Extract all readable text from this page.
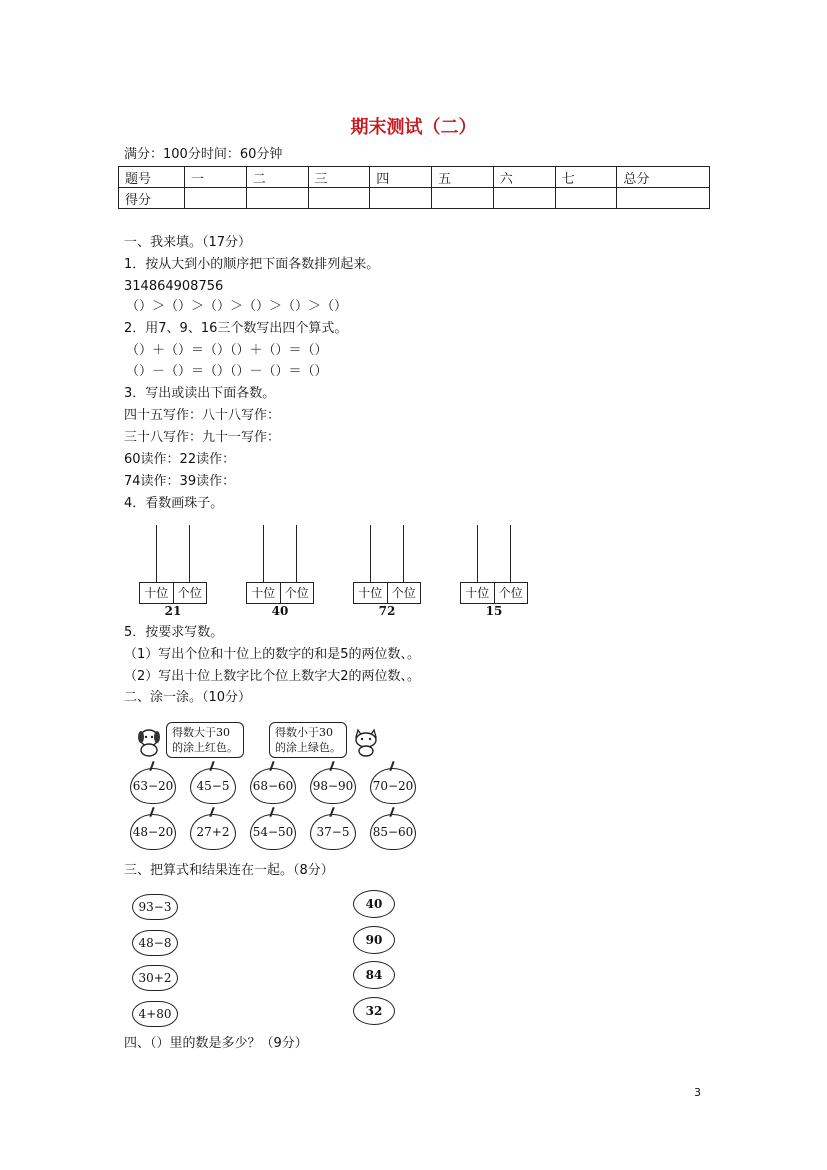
期末测试（二）
满分：100分时间：60分钟
题号	一	二	三	四	五	六	七	总分
得分								
一、我来填。（17分）
1．按从大到小的顺序把下面各数排列起来。
314864908756
（）＞（）＞（）＞（）＞（）＞（）
2．用7、9、16三个数写出四个算式。
（）＋（）＝（）（）＋（）＝（）
（）－（）＝（）（）－（）＝（）
3．写出或读出下面各数。
四十五写作：八十八写作：
三十八写作：九十一写作：
60读作：22读作：
74读作：39读作：
4．看数画珠子。
十位 个位
21
十位 个位
40
十位 个位
72
十位 个位
15
5．按要求写数。
（1）写出个位和十位上的数字的和是5的两位数、。
（2）写出十位上数字比个位上数字大2的两位数、。
二、涂一涂。（10分）
得数大于30
的涂上红色。
得数小于30
的涂上绿色。
63−20	45−5	68−60 98−90 70−20
48−20	27+2	54−50	37−5	85−60
三、把算式和结果连在一起。（8分）
93−3
48−8
30+2
4+80
40
90
84
32
四、（）里的数是多少？（9分）
3
